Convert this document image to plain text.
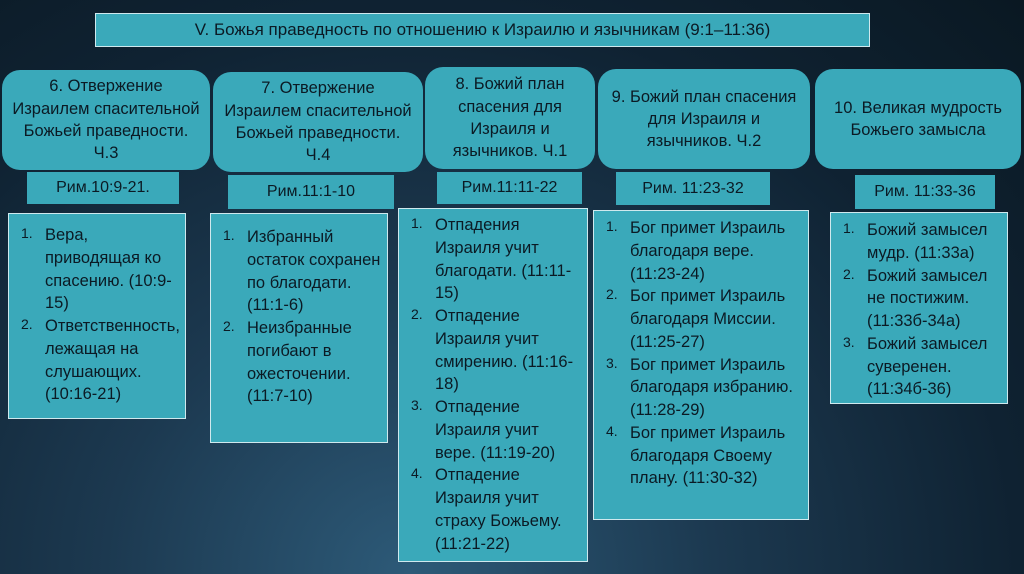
V. Божья праведность по отношению к Израилю и язычникам (9:1–11:36)
6. Отвержение Израилем спасительной Божьей праведности. Ч.3
Рим.10:9-21.
1. Вера, приводящая ко спасению. (10:9-15)
2. Ответственность, лежащая на слушающих. (10:16-21)
7. Отвержение Израилем спасительной Божьей праведности. Ч.4
Рим.11:1-10
1. Избранный остаток сохранен по благодати. (11:1-6)
2. Неизбранные погибают в ожесточении. (11:7-10)
8. Божий план спасения для Израиля и язычников. Ч.1
Рим.11:11-22
1. Отпадения Израиля учит благодати. (11:11-15)
2. Отпадение Израиля учит смирению. (11:16-18)
3. Отпадение Израиля учит вере. (11:19-20)
4. Отпадение Израиля учит страху Божьему. (11:21-22)
9. Божий план спасения для Израиля и язычников. Ч.2
Рим. 11:23-32
1. Бог примет Израиль благодаря вере. (11:23-24)
2. Бог примет Израиль благодаря Миссии. (11:25-27)
3. Бог примет Израиль благодаря избранию. (11:28-29)
4. Бог примет Израиль благодаря Своему плану. (11:30-32)
10. Великая мудрость Божьего замысла
Рим. 11:33-36
1. Божий замысел мудр. (11:33а)
2. Божий замысел не постижим. (11:33б-34а)
3. Божий замысел суверенен. (11:34б-36)
